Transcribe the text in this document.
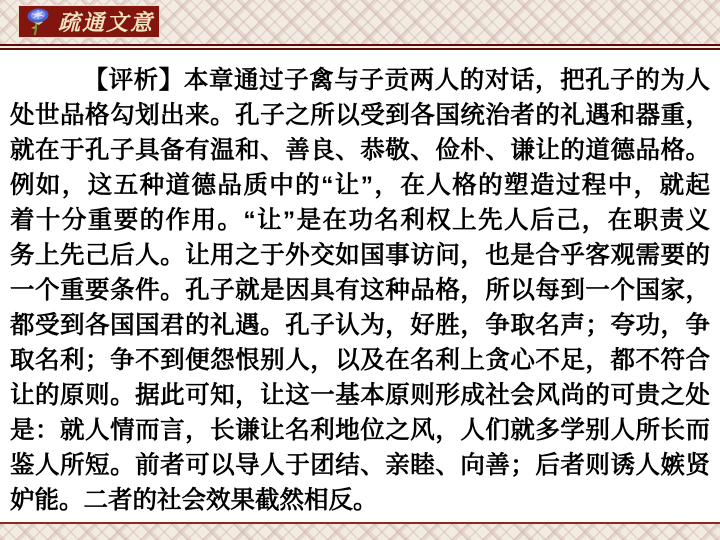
疏通文意
【评析】本章通过子禽与子贡两人的对话，把孔子的为人
处世品格勾划出来。孔子之所以受到各国统治者的礼遇和器重，
就在于孔子具备有温和、善良、恭敬、俭朴、谦让的道德品格。
例如，这五种道德品质中的“让”，在人格的塑造过程中，就起
着十分重要的作用。“让”是在功名利权上先人后己，在职责义
务上先己后人。让用之于外交如国事访问，也是合乎客观需要的
一个重要条件。孔子就是因具有这种品格，所以每到一个国家，
都受到各国国君的礼遇。孔子认为，好胜，争取名声；夸功，争
取名利；争不到便怨恨别人，以及在名利上贪心不足，都不符合
让的原则。据此可知，让这一基本原则形成社会风尚的可贵之处
是：就人情而言，长谦让名利地位之风，人们就多学别人所长而
鉴人所短。前者可以导人于团结、亲睦、向善；后者则诱人嫉贤
妒能。二者的社会效果截然相反。
